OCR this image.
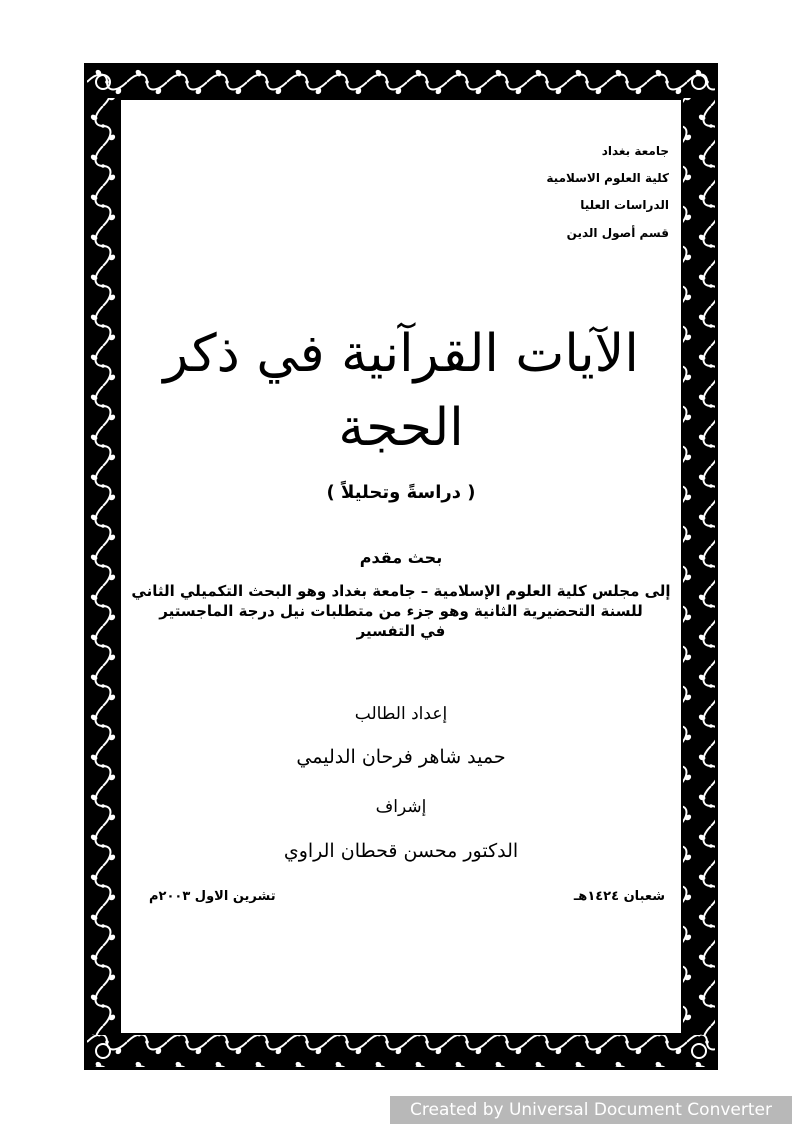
جامعة بغداد
كلية العلوم الاسلامية
الدراسات العليا
قسم أصول الدين
الآيات القرآنية في ذكر
الحجة
( دراسةً وتحليلاً )
بحث مقدم
إلى مجلس كلية العلوم الإسلامية – جامعة بغداد وهو البحث التكميلي الثاني
للسنة التحضيرية الثانية وهو جزء من متطلبات نيل درجة الماجستير
في التفسير
إعداد الطالب
حميد شاهر فرحان الدليمي
إشراف
الدكتور محسن قحطان الراوي
شعبان ١٤٢٤هـ
تشرين الاول ٢٠٠٣م
Created by Universal Document Converter
